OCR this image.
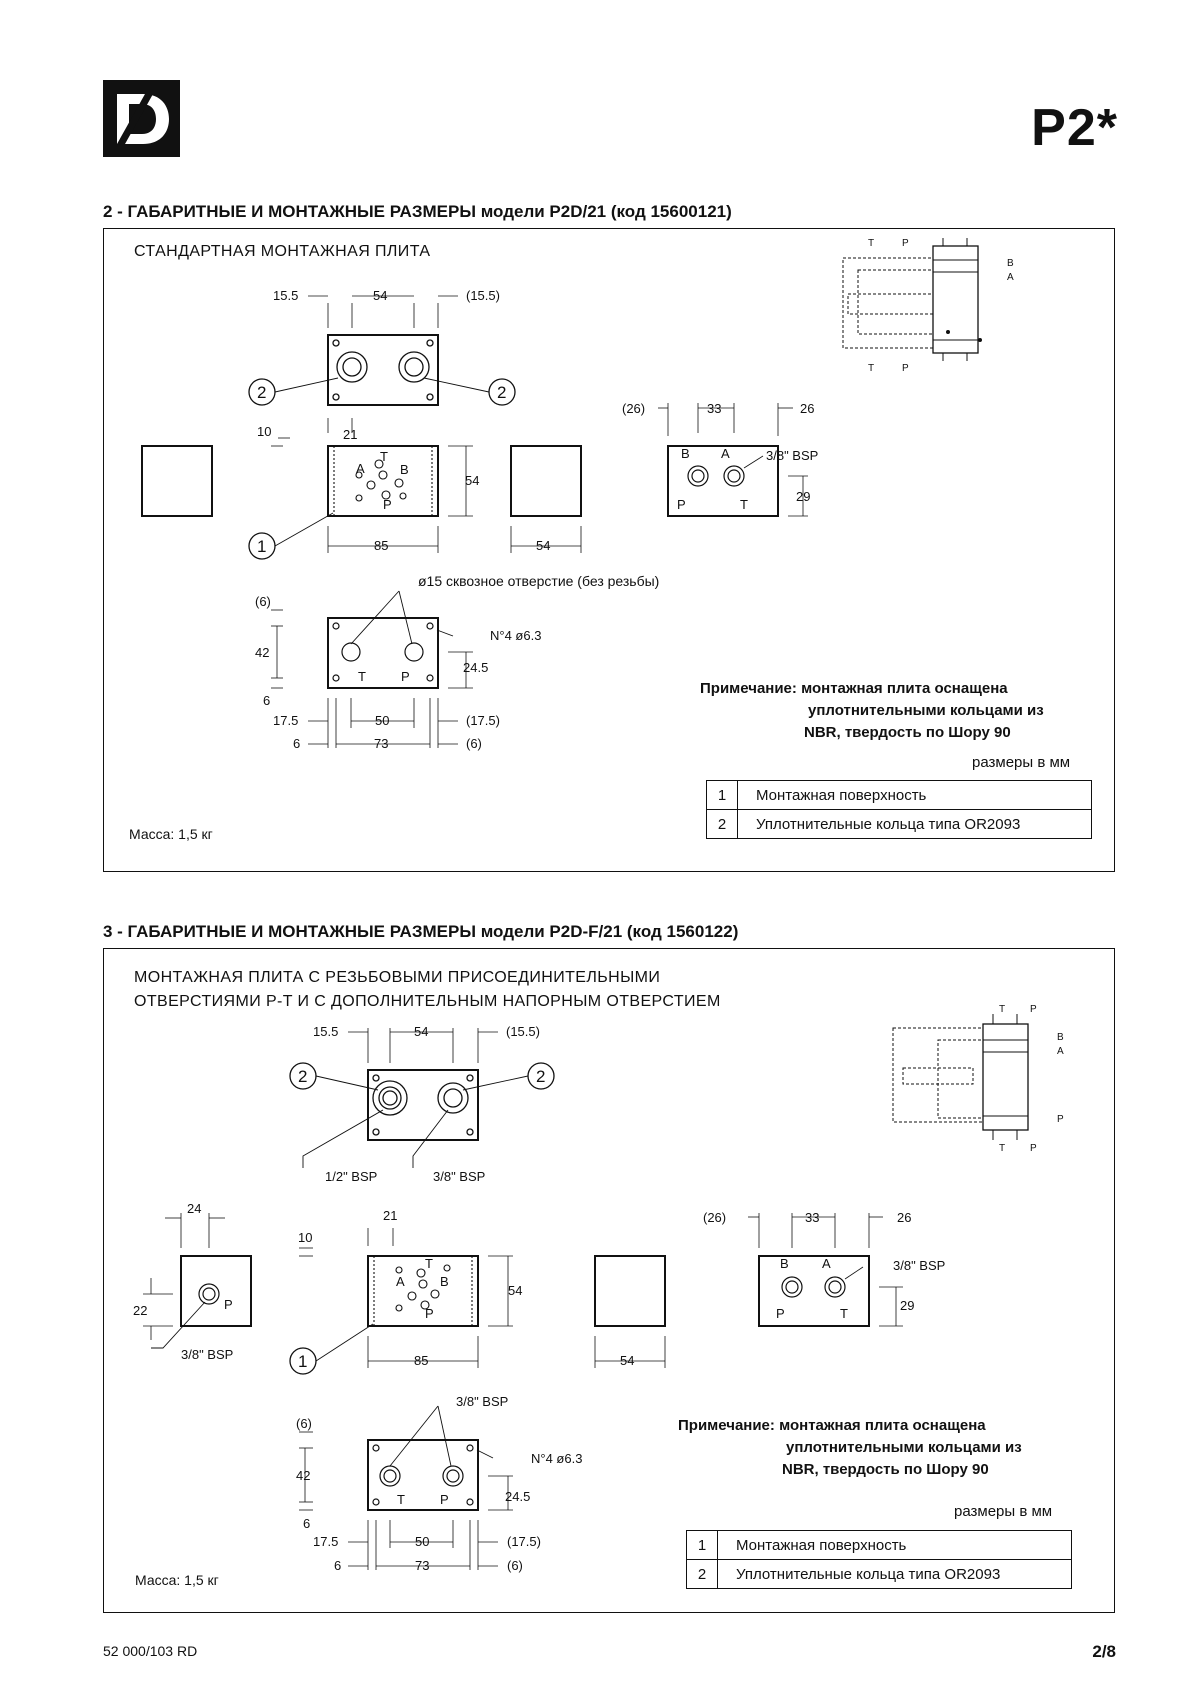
P2*
2 - ГАБАРИТНЫЕ И МОНТАЖНЫЕ РАЗМЕРЫ модели P2D/21 (код 15600121)
СТАНДАРТНАЯ МОНТАЖНАЯ ПЛИТА
15.5	54	(15.5)
2	2
21
10
54
85
A
T
B
P
1	54
(26)	33	26
3/8" BSP
29
B A
P	T
ø15 сквозное отверстие (без резьбы)
(6)
42
6
24.5
N°4 ø6.3
T	P
17.5	50	(17.5)
6	73	(6)
T	P
B
A
T	P
Примечание: монтажная плита оснащена
уплотнительными кольцами из
NBR, твердость по Шору 90
размеры в мм
1	Монтажная поверхность
2	Уплотнительные кольца типа OR2093
Масса: 1,5 кг
3 - ГАБАРИТНЫЕ И МОНТАЖНЫЕ РАЗМЕРЫ модели P2D-F/21 (код 1560122)
МОНТАЖНАЯ ПЛИТА С РЕЗЬБОВЫМИ ПРИСОЕДИНИТЕЛЬНЫМИ
ОТВЕРСТИЯМИ P-T И С ДОПОЛНИТЕЛЬНЫМ НАПОРНЫМ ОТВЕРСТИЕМ
15.5	54	(15.5)
1/2" BSP	3/8" BSP
2	2
24
22	P
3/8" BSP
21
10
54
85
T
A	B
P
1	54
(26)	33	26
3/8" BSP
29
B	A
P	T
3/8" BSP
(6)
42
6
24.5
N°4 ø6.3
T	P
17.5	50	(17.5)
6	73	(6)
T P
B
A
P
T P
Примечание: монтажная плита оснащена
уплотнительными кольцами из
NBR, твердость по Шору 90
размеры в мм
1	Монтажная поверхность
2	Уплотнительные кольца типа OR2093
Масса: 1,5 кг
52 000/103 RD	2/8
